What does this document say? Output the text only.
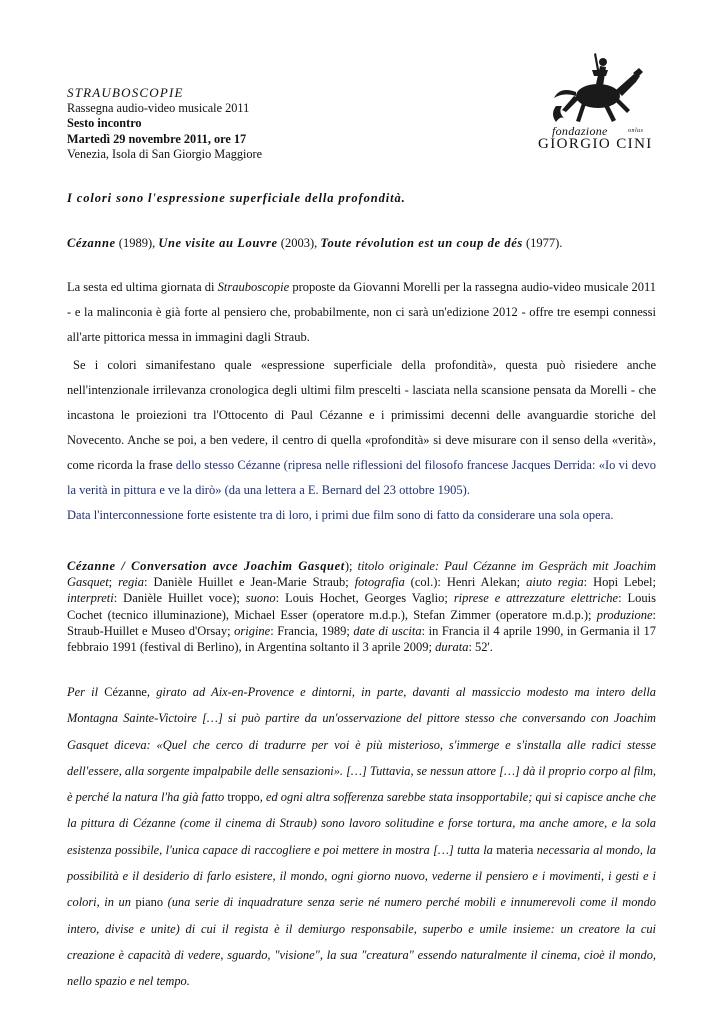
STRAUBOSCOPIE
Rassegna audio-video musicale 2011
Sesto incontro
Martedì 29 novembre 2011, ore 17
Venezia, Isola di San Giorgio Maggiore
fondazione	onlus
GIORGIO CINI
I colori sono l'espressione superficiale della profondità.
Cézanne (1989), Une visite au Louvre (2003), Toute révolution est un coup de dés (1977).

La sesta ed ultima giornata di Strauboscopie proposte da Giovanni Morelli per la rassegna audio-video musicale 2011 - e la malinconia è già forte al pensiero che, probabilmente, non ci sarà un'edizione 2012 - offre tre esempi connessi all'arte pittorica messa in immagini dagli Straub.

Se i colori simanifestano quale «espressione superficiale della profondità», questa può risiedere anche nell'intenzionale irrilevanza cronologica degli ultimi film prescelti - lasciata nella scansione pensata da Morelli - che incastona le proiezioni tra l'Ottocento di Paul Cézanne e i primissimi decenni delle avanguardie storiche del Novecento. Anche se poi, a ben vedere, il centro di quella «profondità» si deve misurare con il senso della «verità», come ricorda la frase dello stesso Cézanne (ripresa nelle riflessioni del filosofo francese Jacques Derrida: «Io vi devo la verità in pittura e ve la dirò» (da una lettera a E. Bernard del 23 ottobre 1905).

Data l'interconnessione forte esistente tra di loro, i primi due film sono di fatto da considerare una sola opera.

Cézanne / Conversation avce Joachim Gasquet); titolo originale: Paul Cézanne im Gespräch mit Joachim Gasquet; regia: Danièle Huillet e Jean-Marie Straub; fotografia (col.): Henri Alekan; aiuto regia: Hopi Lebel; interpreti: Danièle Huillet voce); suono: Louis Hochet, Georges Vaglio; riprese e attrezzature elettriche: Louis Cochet (tecnico illuminazione), Michael Esser (operatore m.d.p.), Stefan Zimmer (operatore m.d.p.); produzione: Straub-Huillet e Museo d'Orsay; origine: Francia, 1989; date di uscita: in Francia il 4 aprile 1990, in Germania il 17 febbraio 1991 (festival di Berlino), in Argentina soltanto il 3 aprile 2009; durata: 52'.
Per il Cézanne, girato ad Aix-en-Provence e dintorni, in parte, davanti al massiccio modesto ma intero della Montagna Sainte-Victoire […] si può partire da un'osservazione del pittore stesso che conversando con Joachim Gasquet diceva: «Quel che cerco di tradurre per voi è più misterioso, s'immerge e s'installa alle radici stesse dell'essere, alla sorgente impalpabile delle sensazioni». […] Tuttavia, se nessun attore […] dà il proprio corpo al film, è perché la natura l'ha già fatto troppo, ed ogni altra sofferenza sarebbe stata insopportabile; qui si capisce anche che la pittura di Cézanne (come il cinema di Straub) sono lavoro solitudine e forse tortura, ma anche amore, e la sola esistenza possibile, l'unica capace di raccogliere e poi mettere in mostra […] tutta la materia necessaria al mondo, la possibilità e il desiderio di farlo esistere, il mondo, ogni giorno nuovo, vederne il pensiero e i movimenti, i gesti e i colori, in un piano (una serie di inquadrature senza serie né numero perché mobili e innumerevoli come il mondo intero, divise e unite) di cui il regista è il demiurgo responsabile, superbo e umile insieme: un creatore la cui creazione è capacità di vedere, sguardo, "visione", la sua "creatura" essendo naturalmente il cinema, cioè il mondo, nello spazio e nel tempo.
